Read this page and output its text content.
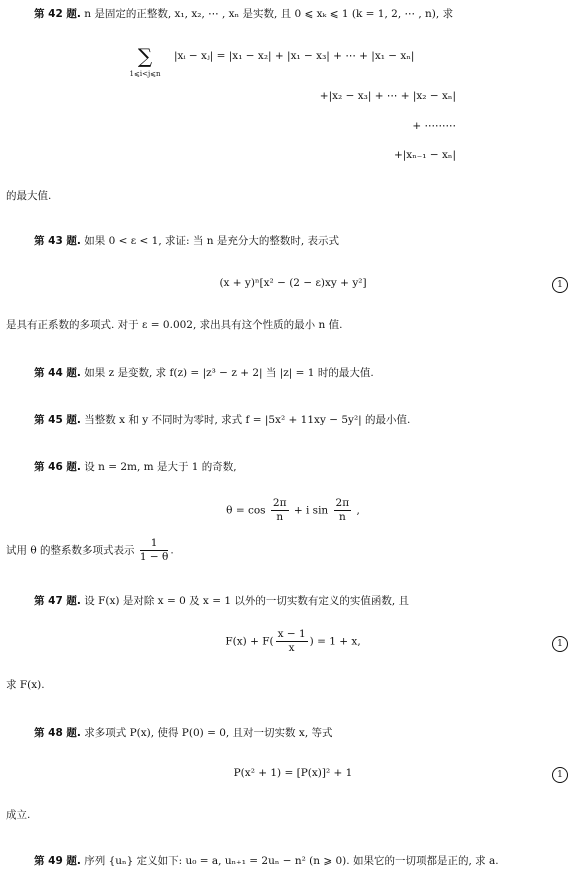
第 42 题. n 是固定的正整数, x₁, x₂, ⋯ , xₙ 是实数, 且 0 ⩽ xₖ ⩽ 1 (k = 1, 2, ⋯ , n), 求
∑
1⩽i<j⩽n
|xᵢ − xⱼ| = |x₁ − x₂| + |x₁ − x₃| + ⋯ + |x₁ − xₙ|
+|x₂ − x₃| + ⋯ + |x₂ − xₙ|
+ ⋯⋯⋯
+|xₙ₋₁ − xₙ|
的最大值.
第 43 题. 如果 0 < ε < 1, 求证: 当 n 是充分大的整数时, 表示式
(x + y)ⁿ[x² − (2 − ε)xy + y²]	1
是具有正系数的多项式. 对于 ε = 0.002, 求出具有这个性质的最小 n 值.
第 44 题. 如果 z 是变数, 求 f(z) = |z³ − z + 2| 当 |z| = 1 时的最大值.
第 45 题. 当整数 x 和 y 不同时为零时, 求式 f = |5x² + 11xy − 5y²| 的最小值.
第 46 题. 设 n = 2m, m 是大于 1 的奇数,
$\theta = \cos \frac{2\pi}{n} + i$ $\sin \frac{2\pi}{n}$ ,
试用 θ 的整系数多项式表示 $\frac{1}{1 - \theta}$ .
第 47 题. 设 F(x) 是对除 x = 0 及 x = 1 以外的一切实数有定义的实值函数, 且
$F(x) + F( \frac{x - 1}{x}$ ) = 1 + x,	1
求 F(x).
第 48 题. 求多项式 P(x), 使得 P(0) = 0, 且对一切实数 x, 等式
P(x² + 1) = [P(x)]² + 1	1
成立.
第 49 题. 序列 {uₙ} 定义如下: u₀ = a, uₙ₊₁ = 2uₙ − n² (n ⩾ 0). 如果它的一切项都是正的, 求 a.
